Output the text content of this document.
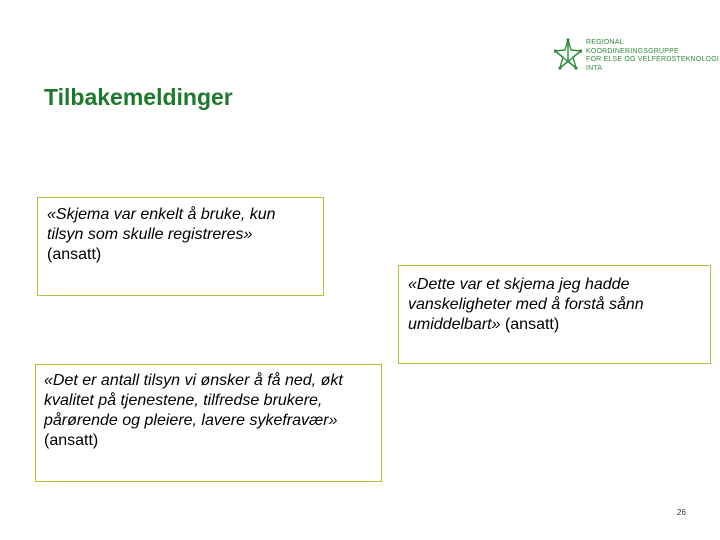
REGIONAL
KOORDINERINGSGRUPPE
FOR ELSE OG VELFERDSTEKNOLOGI
INTA
Tilbakemeldinger
«Skjema var enkelt å bruke, kun tilsyn som skulle registreres»
(ansatt)
«Dette var et skjema jeg hadde vanskeligheter med å forstå sånn umiddelbart» (ansatt)
«Det er antall tilsyn vi ønsker å få ned, økt kvalitet på tjenestene, tilfredse brukere, pårørende og pleiere, lavere sykefravær» (ansatt)
26
